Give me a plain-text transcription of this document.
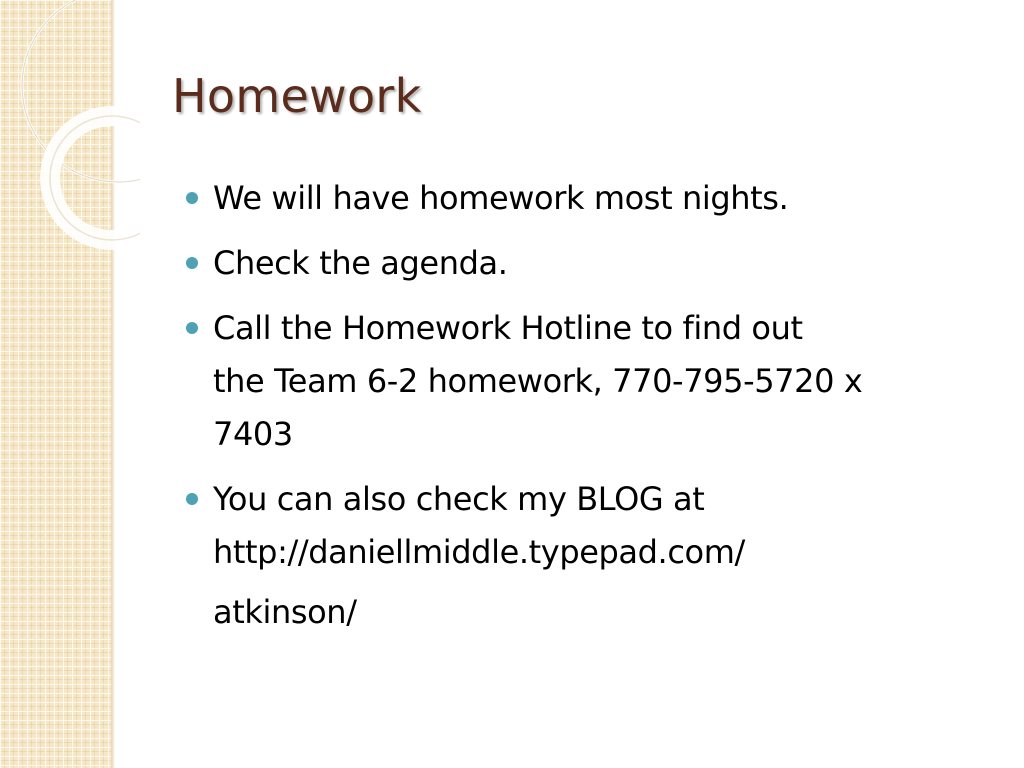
Homework
We will have homework most nights.
Check the agenda.
Call the Homework Hotline to find out
the Team 6-2 homework, 770-795-5720 x
7403
You can also check my BLOG at
http://daniellmiddle.typepad.com/
atkinson/
